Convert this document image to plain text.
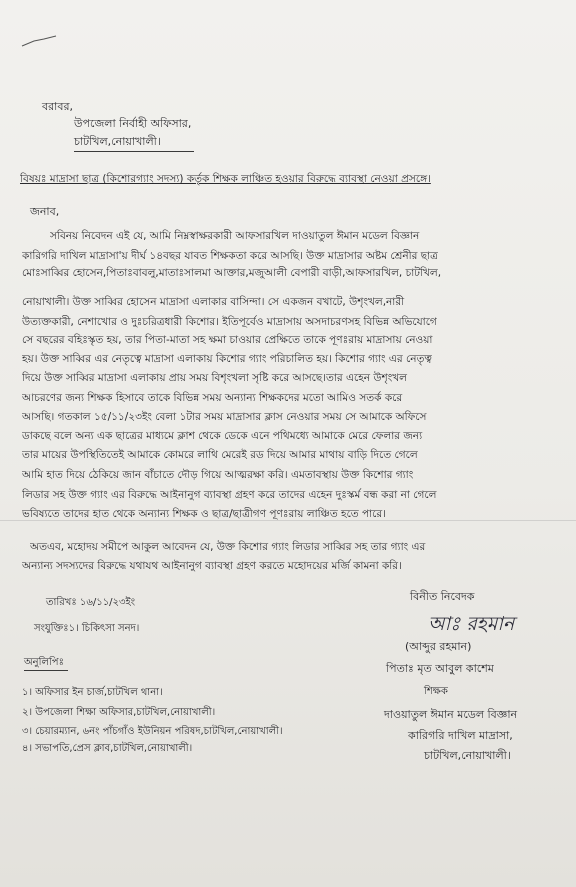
বরাবর,
উপজেলা নির্বাহী অফিসার,
চাটখিল,নোয়াখালী।
বিষয়ঃ মাদ্রাসা ছাত্র (কিশোরগ্যাং সদস্য) কর্তৃক শিক্ষক লাঞ্চিত হওয়ার বিরুদ্ধে ব্যাবস্থা নেওয়া প্রসঙ্গে।
জনাব,
সবিনয় নিবেদন এই যে, আমি নিম্নস্বাক্ষরকারী আফসারখিল দাওয়াতুল ঈমান মডেল বিজ্ঞান
কারিগরি দাখিল মাদ্রাসা'য় দীর্ঘ ১৪বছর যাবত শিক্ষকতা করে আসছি। উক্ত মাদ্রাসার অষ্টম শ্রেনীর ছাত্র
মোঃসাব্বির হোসেন,পিতাঃবাবলু,মাতাঃসালমা আক্তার,মজুআলী বেপারী বাড়ী,আফসারখিল, চাটখিল,
নোয়াখালী। উক্ত সাব্বির হোসেন মাদ্রাসা এলাকার বাসিন্দা। সে একজন বখাটে, উশৃংখল,নারী
উত্যক্তকারী, নেশাখোর ও দুঃচরিত্রধারী কিশোর। ইতিপূর্বেও মাদ্রাসায় অসদাচরণসহ বিভিন্ন অভিযোগে
সে বছরের বহিঃস্কৃত হয়, তার পিতা-মাতা সহ ক্ষমা চাওয়ার প্রেক্ষিতে তাকে পূণঃরায় মাদ্রাসায় নেওয়া
হয়। উক্ত সাব্বির এর নেতৃত্বে মাদ্রাসা এলাকায় কিশোর গ্যাং পরিচালিত হয়। কিশোর গ্যাং এর নেতৃত্ব
দিয়ে উক্ত সাব্বির মাদ্রাসা এলাকায় প্রায় সময় বিশৃংখলা সৃষ্টি করে আসছে।তার এহেন উশৃংখল
আচরণের জন্য শিক্ষক হিসাবে তাকে বিভিন্ন সময় অন্যান্য শিক্ষকদের মতো আমিও সতর্ক করে
আসছি। গতকাল ১৫/১১/২৩ইং বেলা ১টার সময় মাদ্রাসার ক্লাস নেওয়ার সময় সে আমাকে অফিসে
ডাকছে বলে অন্য এক ছাত্রের মাধ্যমে ক্লাশ থেকে ডেকে এনে পথিমধ্যে আমাকে মেরে ফেলার জন্য
তার মায়ের উপস্থিতিতেই আমাকে কোমরে লাথি মেরেই রড দিয়ে আমার মাথায় বাড়ি দিতে গেলে
আমি হাত দিয়ে ঠেকিয়ে জান বাঁচাতে দৌড় গিয়ে আত্মরক্ষা করি। এমতাবস্থায় উক্ত কিশোর গ্যাং
লিডার সহ উক্ত গ্যাং এর বিরুদ্ধে আইনানুগ ব্যাবস্থা গ্রহণ করে তাদের এহেন দুঃস্কর্ম বন্ধ করা না গেলে
ভবিষ্যতে তাদের হাত থেকে অন্যান্য শিক্ষক ও ছাত্র/ছাত্রীগণ পূণঃরায় লাঞ্চিত হতে পারে।
অতএব, মহোদয় সমীপে আকুল আবেদন যে, উক্ত কিশোর গ্যাং লিডার সাব্বির সহ তার গ্যাং এর
অন্যান্য সদস্যদের বিরুদ্ধে যথাযথ আইনানুগ ব্যাবস্থা গ্রহণ করতে মহোদয়ের মর্জি কামনা করি।
তারিখঃ ১৬/১১/২৩ইং
সংযুক্তিঃ১। চিকিৎসা সনদ।
বিনীত নিবেদক
আঃ রহমান
(আব্দুর রহমান)
পিতাঃ মৃত আবুল কাশেম
শিক্ষক
দাওয়াতুল ঈমান মডেল বিজ্ঞান
কারিগরি দাখিল মাদ্রাসা,
চাটখিল,নোয়াখালী।
অনুলিপিঃ
১। অফিসার ইন চার্জ,চাটখিল থানা।
২। উপজেলা শিক্ষা অফিসার,চাটখিল,নোয়াখালী।
৩। চেয়ারম্যান, ৬নং পাঁচগাঁও ইউনিয়ন পরিষদ,চাটখিল,নোয়াখালী।
৪। সভাপতি,প্রেস ক্লাব,চাটখিল,নোয়াখালী।
